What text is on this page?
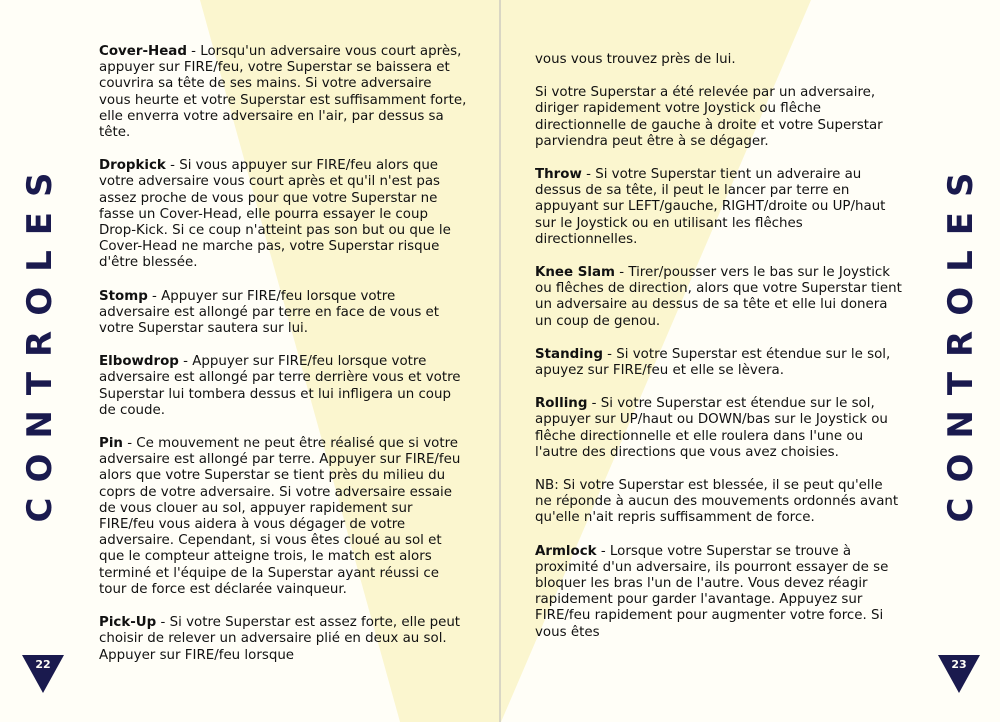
CONTROLES

Cover-Head - Lorsqu'un adversaire vous court après, appuyer sur FIRE/feu, votre Superstar se baissera et couvrira sa tête de ses mains. Si votre adversaire vous heurte et votre Superstar est suffisamment forte, elle enverra votre adversaire en l'air, par dessus sa tête.

Dropkick - Si vous appuyer sur FIRE/feu alors que votre adversaire vous court après et qu'il n'est pas assez proche de vous pour que votre Superstar ne fasse un Cover-Head, elle pourra essayer le coup Drop-Kick. Si ce coup n'atteint pas son but ou que le Cover-Head ne marche pas, votre Superstar risque d'être blessée.

Stomp - Appuyer sur FIRE/feu lorsque votre adversaire est allongé par terre en face de vous et votre Superstar sautera sur lui.

Elbowdrop - Appuyer sur FIRE/feu lorsque votre adversaire est allongé par terre derrière vous et votre Superstar lui tombera dessus et lui infligera un coup de coude.

Pin - Ce mouvement ne peut être réalisé que si votre adversaire est allongé par terre. Appuyer sur FIRE/feu alors que votre Superstar se tient près du milieu du coprs de votre adversaire. Si votre adversaire essaie de vous clouer au sol, appuyer rapidement sur FIRE/feu vous aidera à vous dégager de votre adversaire. Cependant, si vous êtes cloué au sol et que le compteur atteigne trois, le match est alors terminé et l'équipe de la Superstar ayant réussi ce tour de force est déclarée vainqueur.

Pick-Up - Si votre Superstar est assez forte, elle peut choisir de relever un adversaire plié en deux au sol. Appuyer sur FIRE/feu lorsque

22
CONTROLES

vous vous trouvez près de lui.

Si votre Superstar a été relevée par un adversaire, diriger rapidement votre Joystick ou flêche directionnelle de gauche à droite et votre Superstar parviendra peut être à se dégager.

Throw - Si votre Superstar tient un adveraire au dessus de sa tête, il peut le lancer par terre en appuyant sur LEFT/gauche, RIGHT/droite ou UP/haut sur le Joystick ou en utilisant les flêches directionnelles.

Knee Slam - Tirer/pousser vers le bas sur le Joystick ou flêches de direction, alors que votre Superstar tient un adversaire au dessus de sa tête et elle lui donera un coup de genou.

Standing - Si votre Superstar est étendue sur le sol, apuyez sur FIRE/feu et elle se lèvera.

Rolling - Si votre Superstar est étendue sur le sol, appuyer sur UP/haut ou DOWN/bas sur le Joystick ou flêche directionnelle et elle roulera dans l'une ou l'autre des directions que vous avez choisies.

NB: Si votre Superstar est blessée, il se peut qu'elle ne réponde à aucun des mouvements ordonnés avant qu'elle n'ait repris suffisamment de force.

Armlock - Lorsque votre Superstar se trouve à proximité d'un adversaire, ils pourront essayer de se bloquer les bras l'un de l'autre. Vous devez réagir rapidement pour garder l'avantage. Appuyez sur FIRE/feu rapidement pour augmenter votre force. Si vous êtes

23
